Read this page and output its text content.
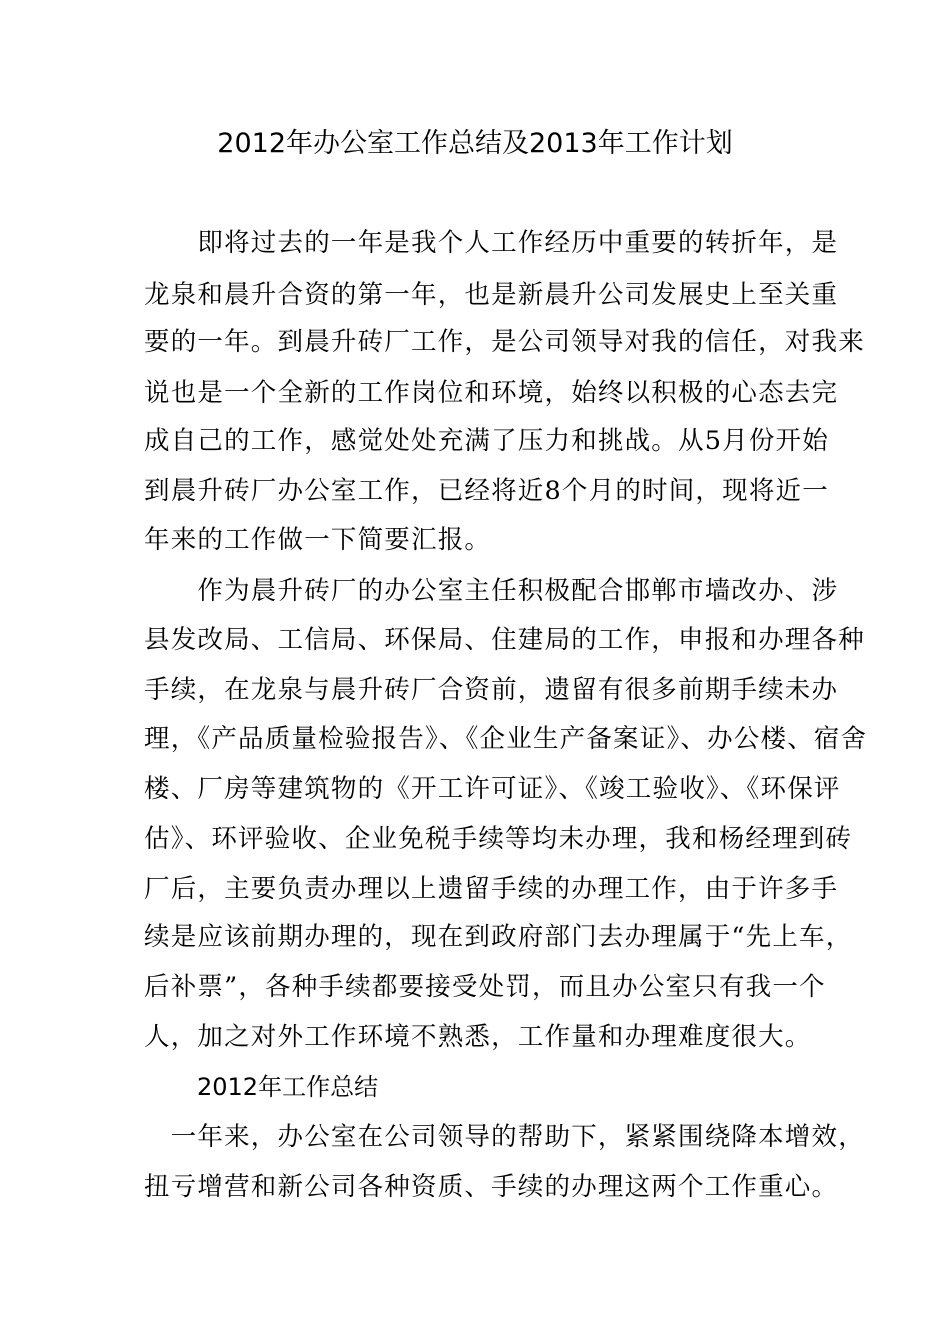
2012年办公室工作总结及2013年工作计划
　　即将过去的一年是我个人工作经历中重要的转折年，是
龙泉和晨升合资的第一年，也是新晨升公司发展史上至关重
要的一年。到晨升砖厂工作，是公司领导对我的信任，对我来
说也是一个全新的工作岗位和环境，始终以积极的心态去完
成自己的工作，感觉处处充满了压力和挑战。从5月份开始
到晨升砖厂办公室工作，已经将近8个月的时间，现将近一
年来的工作做一下简要汇报。
　　作为晨升砖厂的办公室主任积极配合邯郸市墙改办、涉
县发改局、工信局、环保局、住建局的工作，申报和办理各种
手续，在龙泉与晨升砖厂合资前，遗留有很多前期手续未办
理，《产品质量检验报告》、《企业生产备案证》、办公楼、宿舍
楼、厂房等建筑物的《开工许可证》、《竣工验收》、《环保评
估》、环评验收、企业免税手续等均未办理，我和杨经理到砖
厂后，主要负责办理以上遗留手续的办理工作，由于许多手
续是应该前期办理的，现在到政府部门去办理属于“先上车，
后补票”，各种手续都要接受处罚，而且办公室只有我一个
人，加之对外工作环境不熟悉，工作量和办理难度很大。
2012年工作总结
　一年来，办公室在公司领导的帮助下，紧紧围绕降本增效，
扭亏增营和新公司各种资质、手续的办理这两个工作重心。
